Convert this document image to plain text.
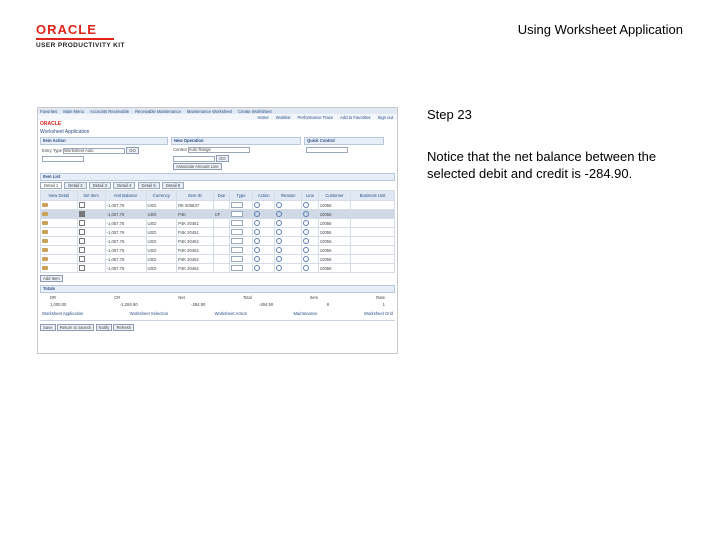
ORACLE
USER PRODUCTIVITY KIT
Using Worksheet Application
Step 23
Notice that the net balance between the selected debit and credit is -284.90.
Favorites Main Menu Accounts Receivable Receivable Maintenance Maintenance Worksheet Create Worksheet
Home Worklist Performance Trace Add to Favorites Sign out
ORACLE
Worksheet Application
Item Action
Entry Type Worksheet Auto	GO
New Operation
Control Auto Range
GO
Associate Amount Line
Quick Control
Item List
Detail 1 Detail 2 Detail 3 Detail 4 Detail 5 Detail 6
View Detail	Sel Item	Amt Balance	Currency	Item ID	Due	Type	Action	Reason	Line	Customer	Business Unit
		-1,057.76	USD	RE 205637						10056	
		-1,057.76	USD	P4K	CF					10056	
		-1,057.76	USD	P4K 20451						10056	
		-1,057.76	USD	P4K 20451						10056	
		-1,057.76	USD	P4K 20462						10056	
		-1,057.76	USD	P4K 20462						10056	
		-1,057.76	USD	P4K 20462						10056	
		-1,057.76	USD	P4K 20462						10056	
Add Item
Totals
DR	CR	Net	Total	Item	Rate
1,000.00	-1,284.90	-284.90	-284.90	8	1
Worksheet Application	Worksheet Selection	Worksheet Action	Maintenance	Worksheet Grid
Save Return to Search Notify Refresh
